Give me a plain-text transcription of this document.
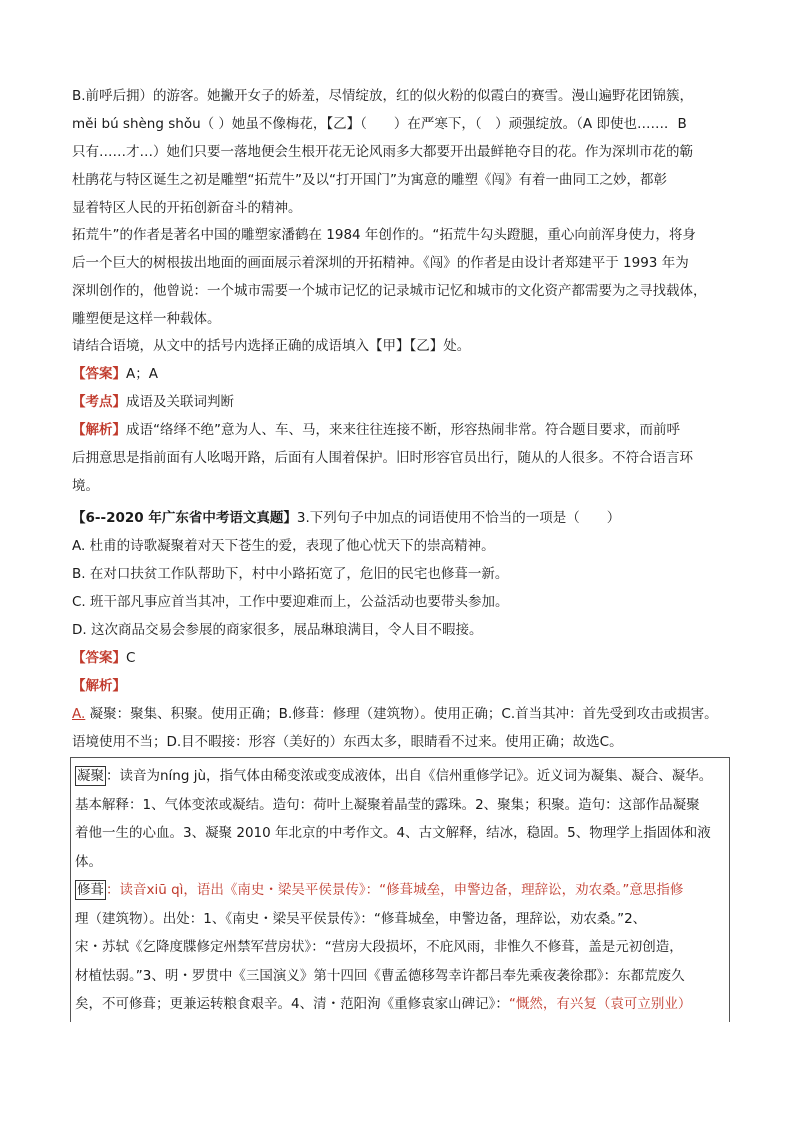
B.前呼后拥）的游客。她撇开女子的娇羞，尽情绽放，红的似火粉的似霞白的赛雪。漫山遍野花团锦簇，

měi bú shèng shǒu（ ）她虽不像梅花，【乙】（　　）在严寒下，（　）顽强绽放。（A 即使也……．B

只有……才…）她们只要一落地便会生根开花无论风雨多大都要开出最鲜艳夺目的花。作为深圳市花的簕

杜鹃花与特区诞生之初是雕塑“拓荒牛”及以“打开国门”为寓意的雕塑《闯》有着一曲同工之妙，都彰

显着特区人民的开拓创新奋斗的精神。

拓荒牛”的作者是著名中国的雕塑家潘鹤在 1984 年创作的。“拓荒牛勾头蹬腿，重心向前浑身使力，将身

后一个巨大的树根拔出地面的画面展示着深圳的开拓精神。《闯》的作者是由设计者郑建平于 1993 年为

深圳创作的，他曾说：一个城市需要一个城市记忆的记录城市记忆和城市的文化资产都需要为之寻找载体，

雕塑便是这样一种载体。

请结合语境，从文中的括号内选择正确的成语填入【甲】【乙】处。

【答案】A；A

【考点】成语及关联词判断

【解析】成语“络绎不绝”意为人、车、马，来来往往连接不断，形容热闹非常。符合题目要求，而前呼

后拥意思是指前面有人吆喝开路，后面有人围着保护。旧时形容官员出行，随从的人很多。不符合语言环

境。

【6--2020 年广东省中考语文真题】3.下列句子中加点的词语使用不恰当的一项是（　　）

A. 杜甫的诗歌凝聚着对天下苍生的爱，表现了他心忧天下的崇高精神。

B. 在对口扶贫工作队帮助下，村中小路拓宽了，危旧的民宅也修葺一新。

C. 班干部凡事应首当其冲，工作中要迎难而上，公益活动也要带头参加。

D. 这次商品交易会参展的商家很多，展品琳琅满目，令人目不暇接。

【答案】C

【解析】

A. 凝聚：聚集、积聚。使用正确；B.修葺：修理（建筑物）。使用正确；C.首当其冲：首先受到攻击或损害。

语境使用不当；D.目不暇接：形容（美好的）东西太多，眼睛看不过来。使用正确；故选C。

凝聚 ：读音为níng jù，指气体由稀变浓或变成液体，出自《信州重修学记》。近义词为凝集、凝合、凝华。

基本解释：1、气体变浓或凝结。造句：荷叶上凝聚着晶莹的露珠。2、聚集；积聚。造句：这部作品凝聚

着他一生的心血。3、凝聚 2010 年北京的中考作文。4、古文解释，结冰，稳固。5、物理学上指固体和液

体。

修葺 ：读音xiū qì，语出《南史・梁吴平侯景传》：“修葺城垒，申警边备，理辞讼，劝农桑。”意思指修

理（建筑物）。出处：1、《南史・梁吴平侯景传》：“修葺城垒，申警边备，理辞讼，劝农桑。”2、

宋・苏轼《乞降度牒修定州禁军营房状》：“营房大段损坏，不庇风雨，非惟久不修葺，盖是元初创造，

材植怯弱。”3、明・罗贯中《三国演义》第十四回《曹孟德移驾幸许都吕奉先乘夜袭徐郡》：东都荒废久

矣，不可修葺；更兼运转粮食艰辛。4、清・范阳洵《重修袁家山碑记》：“慨然，有兴复（袁可立别业）
